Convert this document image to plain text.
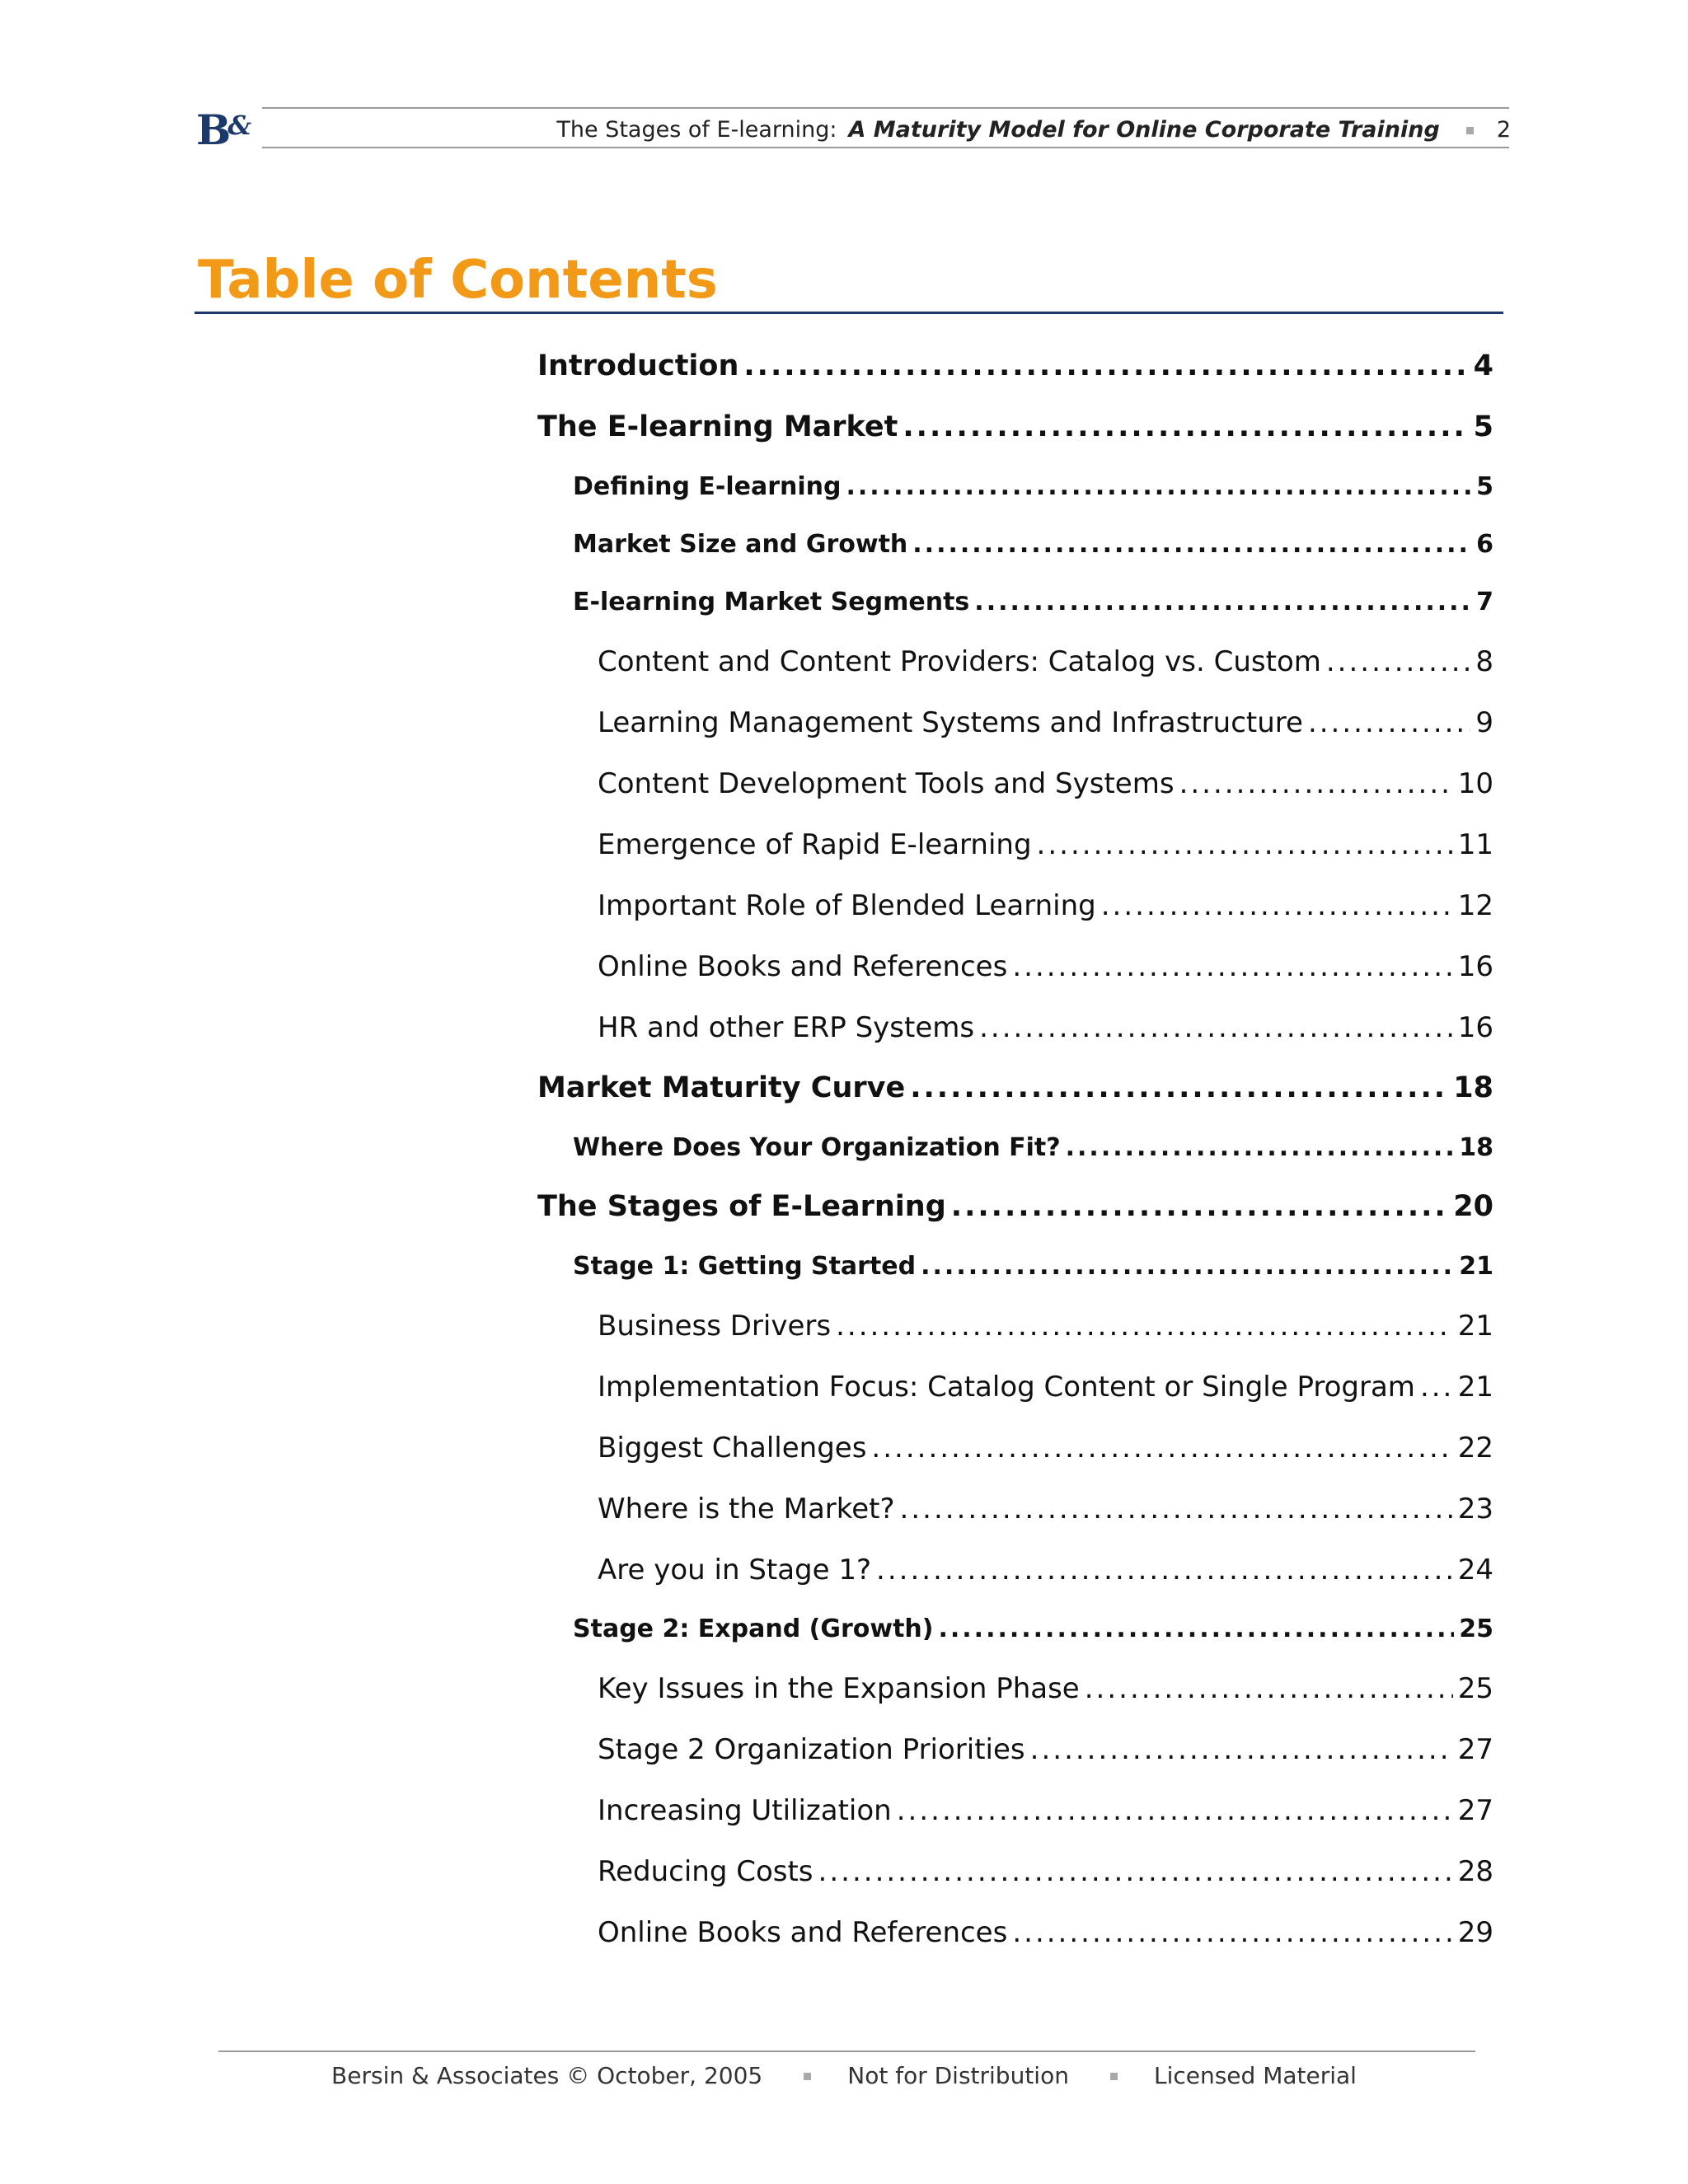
B&	The Stages of E-learning: A Maturity Model for Online Corporate Training	2
Table of Contents
Introduction .....	4
The E-learning Market .....	5
Defining E-learning .....	5
Market Size and Growth .....	6
E-learning Market Segments .....	7
Content and Content Providers: Catalog vs. Custom .....	8
Learning Management Systems and Infrastructure .....	9
Content Development Tools and Systems .....	10
Emergence of Rapid E-learning .....	11
Important Role of Blended Learning .....	12
Online Books and References .....	16
HR and other ERP Systems .....	16
Market Maturity Curve .....	18
Where Does Your Organization Fit? .....	18
The Stages of E-Learning .....	20
Stage 1: Getting Started .....	21
Business Drivers .....	21
Implementation Focus: Catalog Content or Single Program ..... 21
Biggest Challenges .....	22
Where is the Market? .....	23
Are you in Stage 1? .....	24
Stage 2: Expand (Growth) .....	25
Key Issues in the Expansion Phase .....	25
Stage 2 Organization Priorities .....	27
Increasing Utilization .....	27
Reducing Costs .....	28
Online Books and References .....	29
Bersin & Associates © October, 2005	Not for Distribution	Licensed Material
